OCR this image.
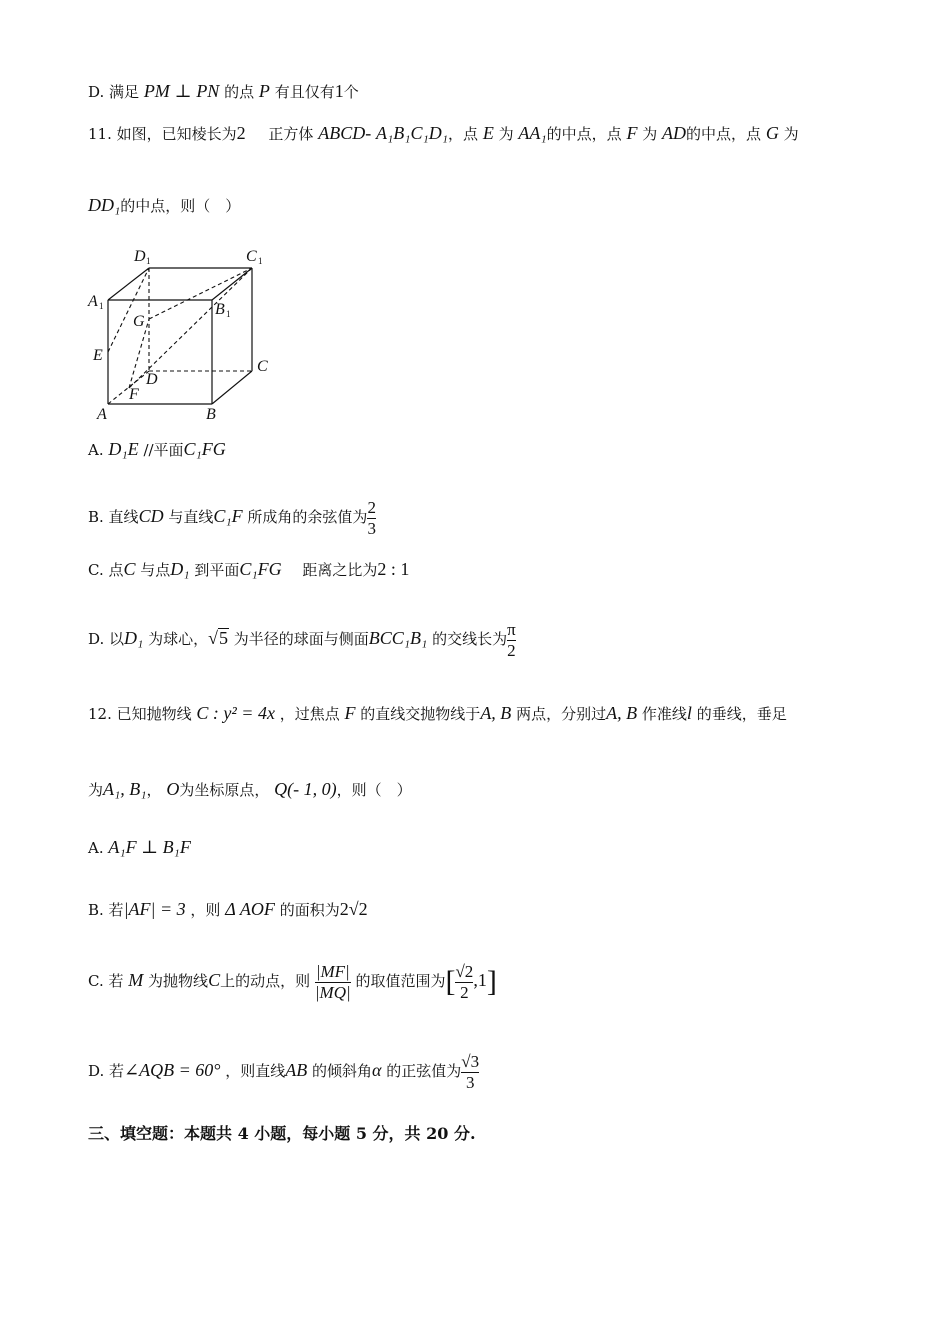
D. 满足 PM ⊥ PN 的点 P 有且仅有1个
11. 如图，已知棱长为2 正方体 ABCD- A₁B₁C₁D₁，点 E 为 AA₁的中点，点 F 为 AD的中点，点 G 为
DD₁的中点，则（　）
D 1	C 1
A 1	B 1
G
E
C
D
F
A	B
A. D₁E //平面C₁FG
B. 直线CD 与直线C₁F 所成角的余弦值为 $\frac{2}{3}$
C. 点C 与点D₁ 到平面C₁FG 距离之比为2 : 1
D. 以D₁ 为球心，√5 为半径的球面与侧面BCC₁B₁ 的交线长为 $\frac{\pi}{2}$
12. 已知抛物线 C : y² = 4x ，过焦点 F 的直线交抛物线于A, B 两点，分别过A, B 作准线l 的垂线，垂足
为A₁, B₁， O为坐标原点， Q(- 1, 0)，则（　）
A. A₁F ⊥ B₁F
B. 若|AF| = 3 ，则 Δ AOF 的面积为2√2
C. 若 M 为抛物线C上的动点，则 $\frac{|MF|}{|MQ|}$ 的取值范围为[ $\frac{√2}{2} ,1$]
D. 若∠AQB = 60° ，则直线AB 的倾斜角α 的正弦值为 $\frac{√3}{3}$
三、填空题：本题共 4 小题，每小题 5 分，共 20 分.
